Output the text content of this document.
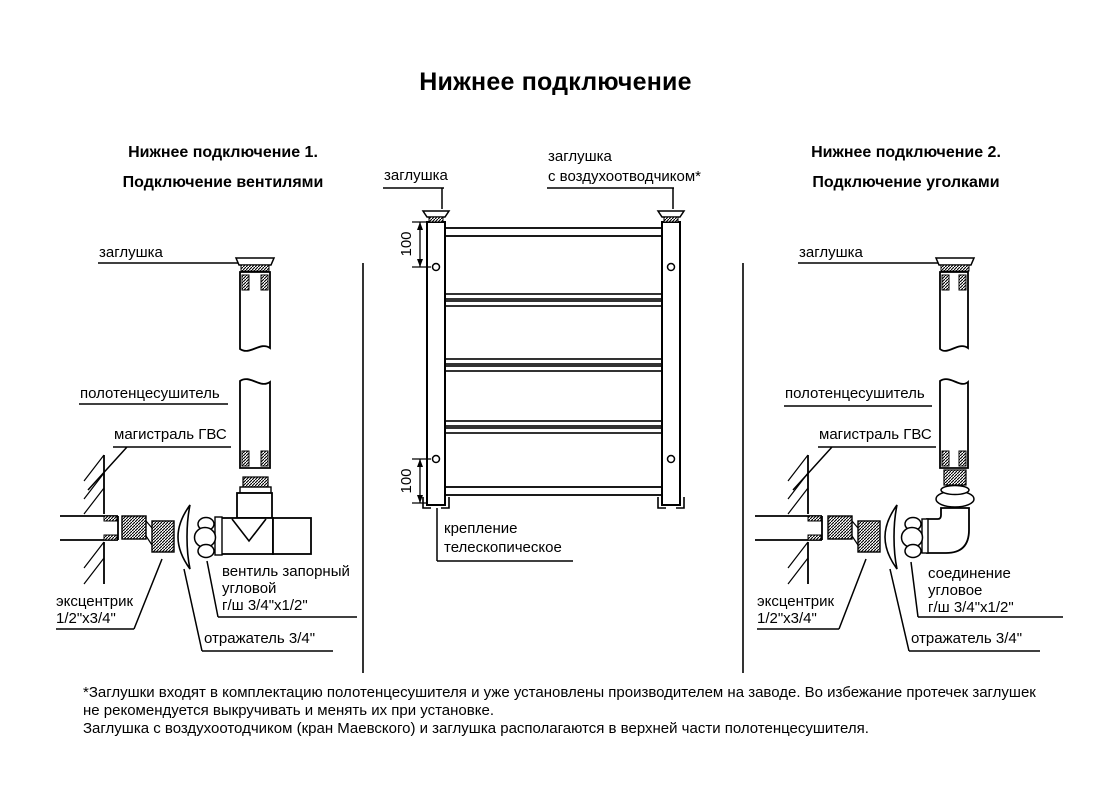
Нижнее подключение
Нижнее подключение 1.
Подключение вентилями
Нижнее подключение 2.
Подключение уголками
заглушка
заглушка
с воздухоотводчиком*
100
100
крепление
телескопическое
заглушка
полотенцесушитель
магистраль ГВС
эксцентрик
1/2"x3/4"
вентиль запорный
угловой
г/ш 3/4"x1/2"
отражатель 3/4"
заглушка
полотенцесушитель
магистраль ГВС
эксцентрик
1/2"x3/4"
соединение
угловое
г/ш 3/4"x1/2"
отражатель 3/4"
*Заглушки входят в комплектацию полотенцесушителя и уже установлены производителем на заводе. Во избежание протечек заглушек
не рекомендуется выкручивать и менять их при установке.
Заглушка с воздухоотодчиком (кран Маевского) и заглушка располагаются в верхней части полотенцесушителя.
